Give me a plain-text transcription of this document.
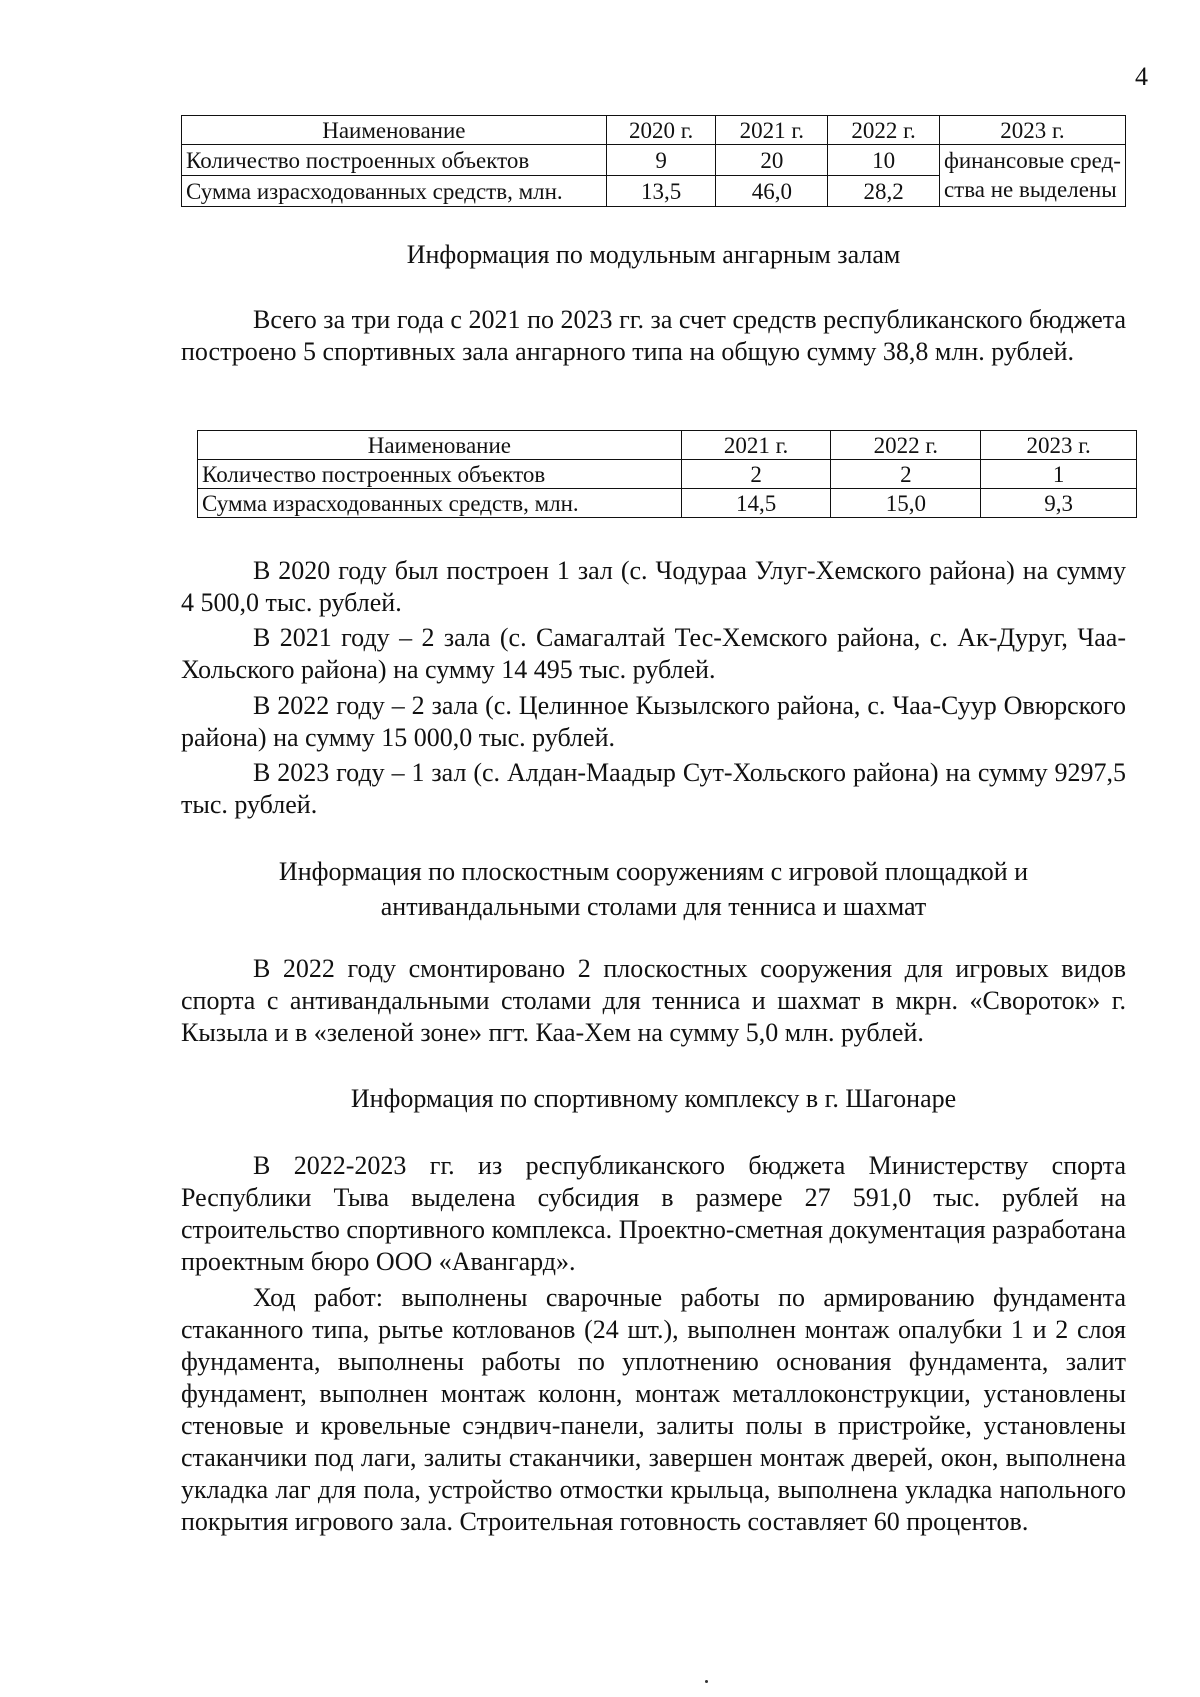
4
Наименование	2020 г.	2021 г.	2022 г.	2023 г.
Количество построенных объектов	9	20	10	финансовые сред-
ства не выделены

Сумма израсходованных средств, млн.	13,5	46,0	28,2	
Информация по модульным ангарным залам

Всего за три года с 2021 по 2023 гг. за счет средств республиканского бюджета построено 5 спортивных зала ангарного типа на общую сумму 38,8 млн. рублей.

Наименование	2021 г.	2022 г.	2023 г.
Количество построенных объектов	2	2	1
Сумма израсходованных средств, млн.	14,5	15,0	9,3

В 2020 году был построен 1 зал (с. Чодураа Улуг-Хемского района) на сумму 4 500,0 тыс. рублей.

В 2021 году – 2 зала (с. Самагалтай Тес-Хемского района, с. Ак-Дуруг, Чаа-Хольского района) на сумму 14 495 тыс. рублей.

В 2022 году – 2 зала (с. Целинное Кызылского района, с. Чаа-Суур Овюрского района) на сумму 15 000,0 тыс. рублей.

В 2023 году – 1 зал (с. Алдан-Маадыр Сут-Хольского района) на сумму 9297,5 тыс. рублей.

Информация по плоскостным сооружениям с игровой площадкой и
антивандальными столами для тенниса и шахмат

В 2022 году смонтировано 2 плоскостных сооружения для игровых видов спорта с антивандальными столами для тенниса и шахмат в мкрн. «Свороток» г. Кызыла и в «зеленой зоне» пгт. Каа-Хем на сумму 5,0 млн. рублей.

Информация по спортивному комплексу в г. Шагонаре

В 2022-2023 гг. из республиканского бюджета Министерству спорта Республики Тыва выделена субсидия в размере 27 591,0 тыс. рублей на строительство спортивного комплекса. Проектно-сметная документация разработана проектным бюро ООО «Авангард».

Ход работ: выполнены сварочные работы по армированию фундамента стаканного типа, рытье котлованов (24 шт.), выполнен монтаж опалубки 1 и 2 слоя фундамента, выполнены работы по уплотнению основания фундамента, залит фундамент, выполнен монтаж колонн, монтаж металлоконструкции, установлены стеновые и кровельные сэндвич-панели, залиты полы в пристройке, установлены стаканчики под лаги, залиты стаканчики, завершен монтаж дверей, окон, выполнена укладка лаг для пола, устройство отмостки крыльца, выполнена укладка напольного покрытия игрового зала. Строительная готовность составляет 60 процентов.
